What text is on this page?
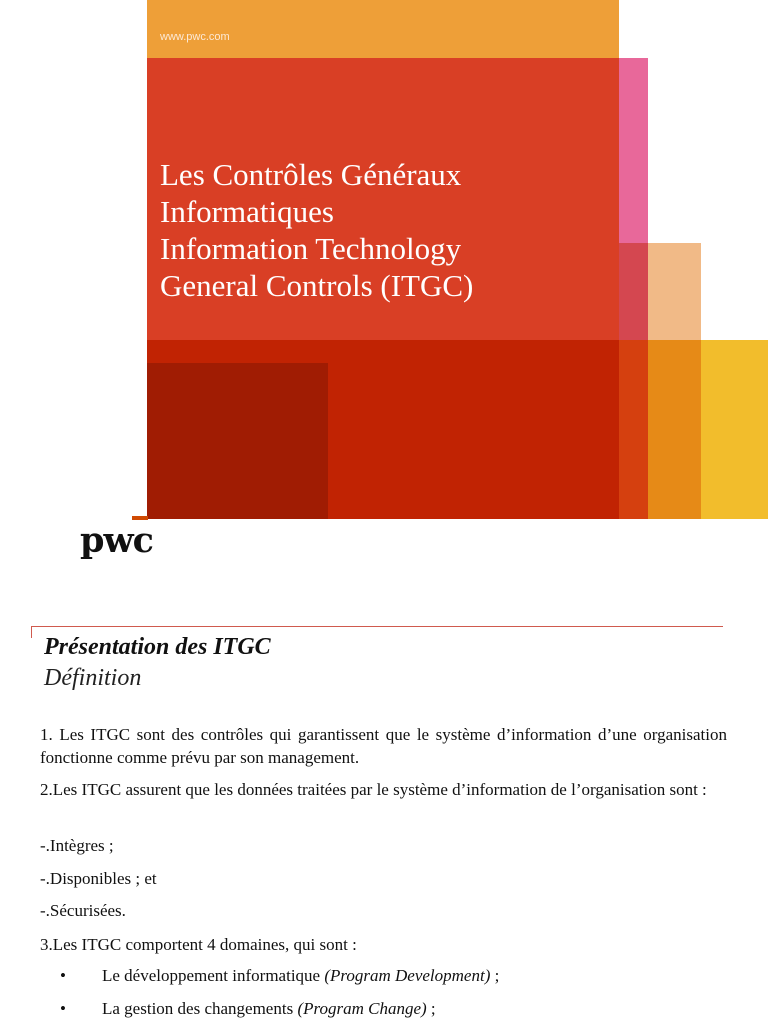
www.pwc.com
Les Contrôles Généraux
Informatiques
Information Technology
General Controls (ITGC)
pwc
Présentation des ITGC
Définition
1. Les ITGC sont des contrôles qui garantissent que le système d’information d’une organisation fonctionne comme prévu par son management.
2.Les ITGC assurent que les données traitées par le système d’information de l’organisation sont :
-.Intègres ;
-.Disponibles ; et
-.Sécurisées.
3.Les ITGC comportent 4 domaines, qui sont :
• Le développement informatique (Program Development) ;
• La gestion des changements (Program Change) ;
